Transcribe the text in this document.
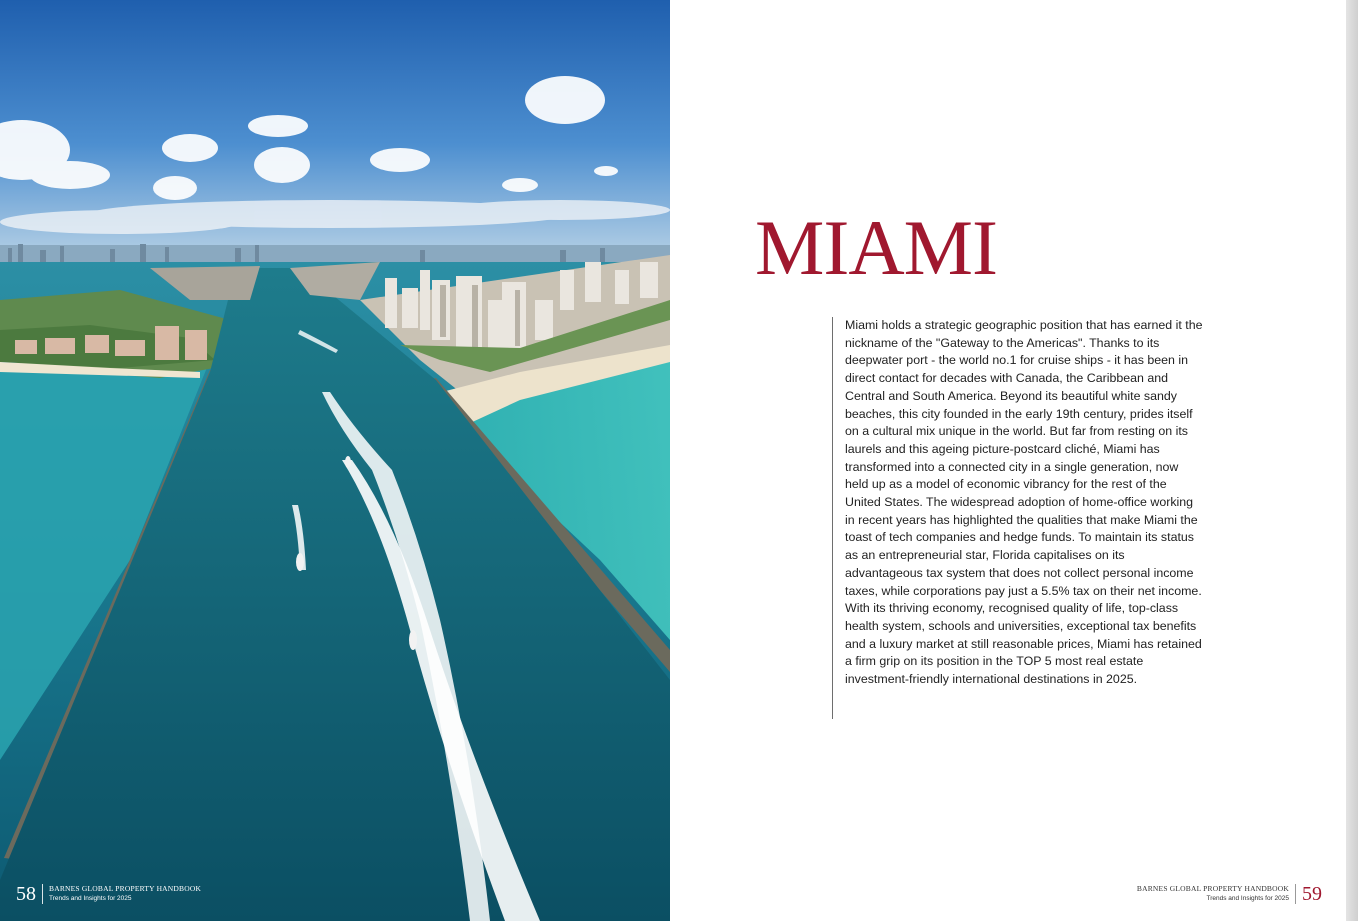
58	BARNES GLOBAL PROPERTY HANDBOOK
Trends and Insights for 2025
MIAMI

Miami holds a strategic geographic position that has earned it the nickname of the "Gateway to the Americas". Thanks to its deepwater port - the world no.1 for cruise ships - it has been in direct contact for decades with Canada, the Caribbean and Central and South America. Beyond its beautiful white sandy beaches, this city founded in the early 19th century, prides itself on a cultural mix unique in the world. But far from resting on its laurels and this ageing picture-postcard cliché, Miami has transformed into a connected city in a single generation, now held up as a model of economic vibrancy for the rest of the United States. The widespread adoption of home-office working in recent years has highlighted the qualities that make Miami the toast of tech companies and hedge funds. To maintain its status as an entrepreneurial star, Florida capitalises on its advantageous tax system that does not collect personal income taxes, while corporations pay just a 5.5% tax on their net income. With its thriving economy, recognised quality of life, top-class health system, schools and universities, exceptional tax benefits and a luxury market at still reasonable prices, Miami has retained a firm grip on its position in the TOP 5 most real estate investment-friendly international destinations in 2025.

BARNES GLOBAL PROPERTY HANDBOOK
Trends and Insights for 2025 59
